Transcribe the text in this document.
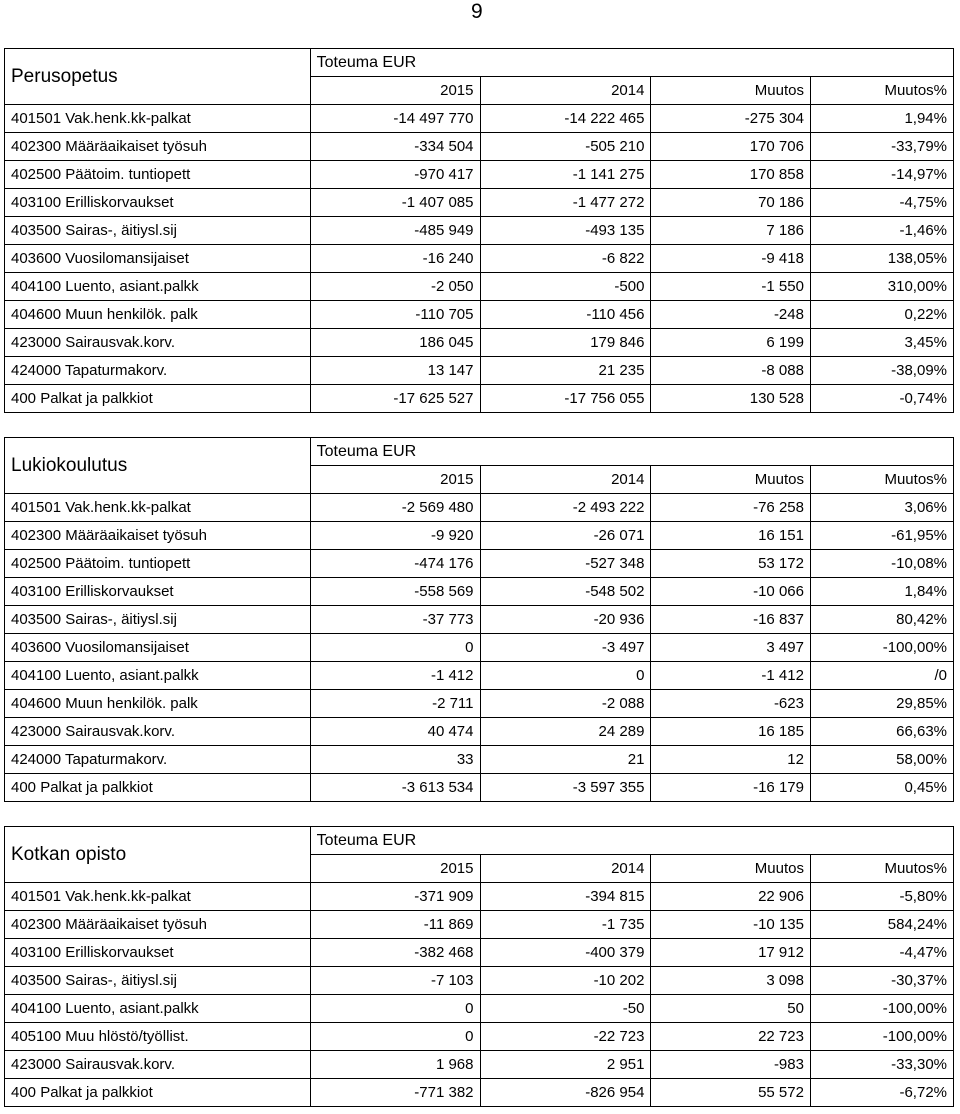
9
Perusopetus	Toteuma EUR			
	2015	2014	Muutos	Muutos%
401501 Vak.henk.kk-palkat	-14 497 770	-14 222 465	-275 304	1,94%
402300 Määräaikaiset työsuh	-334 504	-505 210	170 706	-33,79%
402500 Päätoim. tuntiopett	-970 417	-1 141 275	170 858	-14,97%
403100 Erilliskorvaukset	-1 407 085	-1 477 272	70 186	-4,75%
403500 Sairas-, äitiysl.sij	-485 949	-493 135	7 186	-1,46%
403600 Vuosilomansijaiset	-16 240	-6 822	-9 418	138,05%
404100 Luento, asiant.palkk	-2 050	-500	-1 550	310,00%
404600 Muun henkilök. palk	-110 705	-110 456	-248	0,22%
423000 Sairausvak.korv.	186 045	179 846	6 199	3,45%
424000 Tapaturmakorv.	13 147	21 235	-8 088	-38,09%
400 Palkat ja palkkiot	-17 625 527	-17 756 055	130 528	-0,74%
Lukiokoulutus	Toteuma EUR			
	2015	2014	Muutos	Muutos%
401501 Vak.henk.kk-palkat	-2 569 480	-2 493 222	-76 258	3,06%
402300 Määräaikaiset työsuh	-9 920	-26 071	16 151	-61,95%
402500 Päätoim. tuntiopett	-474 176	-527 348	53 172	-10,08%
403100 Erilliskorvaukset	-558 569	-548 502	-10 066	1,84%
403500 Sairas-, äitiysl.sij	-37 773	-20 936	-16 837	80,42%
403600 Vuosilomansijaiset	0	-3 497	3 497	-100,00%
404100 Luento, asiant.palkk	-1 412	0	-1 412	/0
404600 Muun henkilök. palk	-2 711	-2 088	-623	29,85%
423000 Sairausvak.korv.	40 474	24 289	16 185	66,63%
424000 Tapaturmakorv.	33	21	12	58,00%
400 Palkat ja palkkiot	-3 613 534	-3 597 355	-16 179	0,45%
Kotkan opisto	Toteuma EUR			
	2015	2014	Muutos	Muutos%
401501 Vak.henk.kk-palkat	-371 909	-394 815	22 906	-5,80%
402300 Määräaikaiset työsuh	-11 869	-1 735	-10 135	584,24%
403100 Erilliskorvaukset	-382 468	-400 379	17 912	-4,47%
403500 Sairas-, äitiysl.sij	-7 103	-10 202	3 098	-30,37%
404100 Luento, asiant.palkk	0	-50	50	-100,00%
405100 Muu hlöstö/työllist.	0	-22 723	22 723	-100,00%
423000 Sairausvak.korv.	1 968	2 951	-983	-33,30%
400 Palkat ja palkkiot	-771 382	-826 954	55 572	-6,72%
